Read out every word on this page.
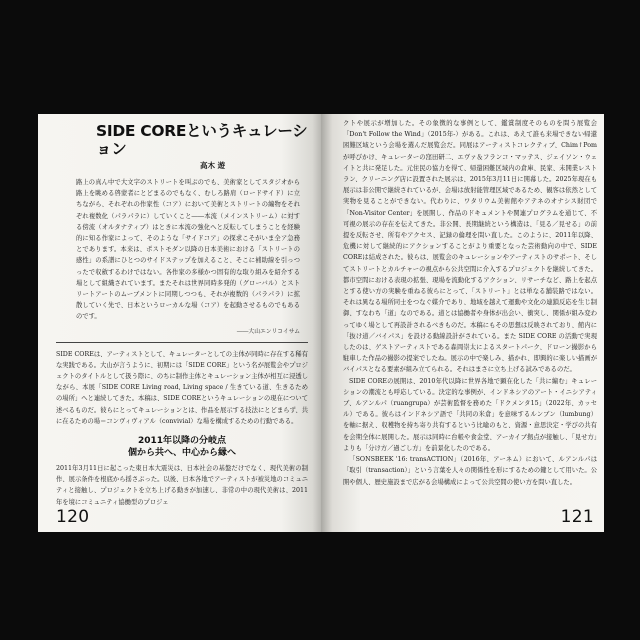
SIDE COREというキュレーション
高木 遊

路上の真ん中で大文字のストリートを叫ぶのでも、美術家としてスタジオから路上を眺める啓蒙者にとどまるのでもなく、むしろ路肩（ロードサイド）に立ちながら、それぞれの作家性（コア）において美術とストリートの編物をそれぞれ複数化（パラパラに）していくこと――本流（メインストリーム）に対する傍流（オルタナティブ）はときに本流の強化へと反転してしまうことを経験的に知る作家によって、そのような「サイドコア」の探求こそがいま全ア急務とであります。本来は、ポストモダン以降の日本美術における「ストリートの感性」の系譜にひとつのサイドステップを加えること、そこに補助線を引っつったで収斂するわけではない。各作家の多様かつ固有的な取り組みを紹介する場として組織されています。またそれは世界同時多発的（グローバル）とストリートアートのムーブメントに同期しつつも、それが複数的（パラパラ）に拡散していく先で、日本というローカルな場（コア）を起動させるものでもあるのです。

――大山エンリコイサム

SIDE COREは、アーティストとして、キュレーターとしての主体が同時に存在する稀有な実践である。大山が言うように、初期には「SIDE CORE」という名が展覧会やプロジェクトのタイトルとして扱う際に、のちに制作主体とキュレーション主体が相互に浸透しながら、本展「SIDE CORE Living road, Living space / 生きている道、生きるための場所」へと連続してきた。本稿は、SIDE COREというキュレーションの現在について述べるものだ。彼らにとってキュレーションとは、作品を展示する技法にとどまらず、共に在るための場＝コンヴィヴィアル（convivial）な場を構成するための行動である。

2011年以降の分岐点
個から共へ、中心から縁へ

2011年3月11日に起こった東日本大震災は、日本社会の基盤だけでなく、現代美術の制作、展示条件を根底から揺さぶった。以後、日本各地でアーティストが被災地のコミュニティと接触し、プロジェクトを立ち上げる動きが加速し、非常の中の現代美術は、2011年を境にコミュニティ協働型のプロジェ

120

クトや展示が増加した。その象徴的な事例として、鑑賞制度そのものを問う展覧会「Don't Follow the Wind」（2015年-）がある。これは、あえて誰も来場できない帰還困難区域という会場を選んだ展覧会だ。同展はアーティストコレクティブ、Chim↑Pomが呼びかけ、キュレーターの窪田研二、エヴァ＆フランコ・マッテス、ジェイソン・ウェイトと共に発足した。元住民の協力を得て、帰還困難区域内の倉庫、民家、未開業レストラン、クリーニング店に設置された展示は、2015年3月11日に開幕した。2025年現在も展示は非公開で継続されているが、会場は放射能管理区域であるため、観客は依然として実物を見ることができない。代わりに、ワタリウム美術館やアテネのオナシス財団で「Non-Visitor Center」を展開し、作品のドキュメントや関連プログラムを通じて、不可視の展示の存在を伝えてきた。非公開、長期継続という構造は、「見る／見せる」の前提を反転させ、所有やアクセス、記録の倫理を問い直した。このように、2011年以降、危機に対して継続的にアクションすることがより重要となった芸術動向の中で、SIDE COREは結成された。彼らは、展覧会のキュレーションやアーティストのサポート、そしてストリートとカルチャーの視点から公共空間に介入するプロジェクトを継続してきた。都市空間における表現の拡張、現場を流動化するアクション、リサーチなど、路上を起点とする使い方の実験を重ねる彼らにとって、「ストリート」とは単なる舗装路ではない。それは異なる場所同士をつなぐ媒介であり、地域を越えて運動や文化の連鎖反応を生じ制御、すなわち「道」なのである。道とは協働者や身体が出会い、衝突し、関係が組み変わってゆく場として再設計されるべきものだ。本稿にもその思想は反映されており、館内に「抜け道／バイパス」を設ける動線設計がされている。また SIDE CORE の活動で実現したのは、ゲストアーティストである森岡崇太によるスタートパーク、ドローン撮影から駐車した作品の撮影の提案でしたね。展示の中で楽しみ、描かれ、即興的に楽しい描画がバイパスとなる要素が組み立てられる。それはまさに立ち上げる試みであるのだ。

SIDE COREの展開は、2010年代以降に世界各地で顕在化した「共に編む」キュレーションの潮流とも呼応している。決定的な事例が、インドネシアのアート・イニシアティブ、ルアンルパ（ruangrupa）が芸術監督を務めた「ドクメンタ15」（2022年、カッセル）である。彼らはインドネシア語で「共同の米倉」を意味するルンブン（lumbung）を軸に据え、収穫物を持ち寄り共有するという比喩のもと、資源・意思決定・学びの共有を会期全体に展開した。展示は同時に台帳や食金堂、アーカイブ拠点が接触し、「見せ方」よりも「分け方／過ごし方」を前景化したのである。

「SONSBEEK '16: transACTION」（2016年、アーネム）において、ルアンルパは「取引（transaction）」という言葉を人々の関係性を形にするための鍵として用いた。公開や個人、歴史施設まで広がる会場構成によって公共空間の使い方を問い直した。

121
